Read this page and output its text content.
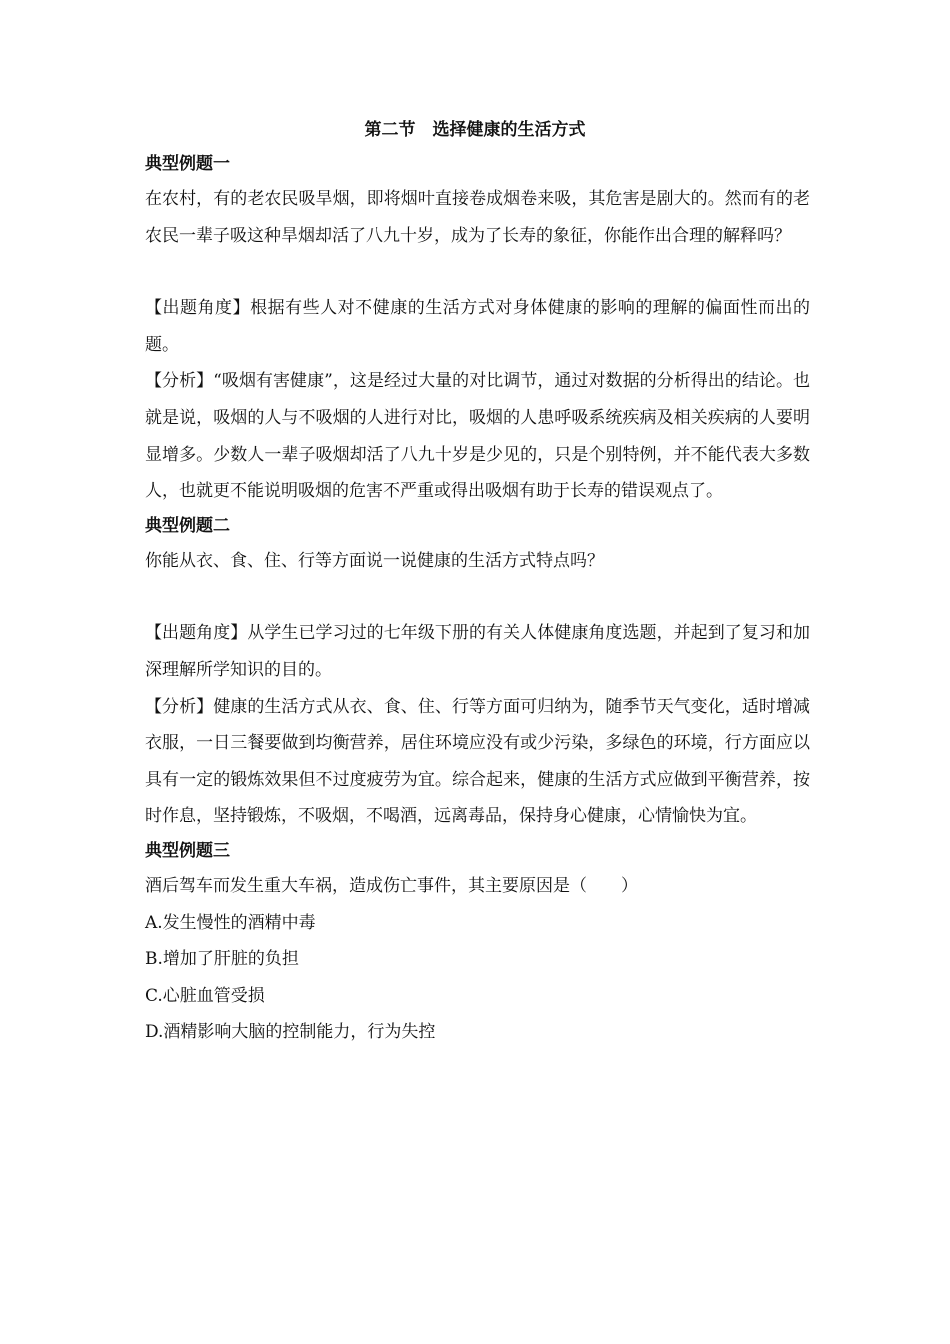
第二节　选择健康的生活方式
典型例题一

在农村，有的老农民吸旱烟，即将烟叶直接卷成烟卷来吸，其危害是剧大的。然而有的老农民一辈子吸这种旱烟却活了八九十岁，成为了长寿的象征，你能作出合理的解释吗？

【出题角度】根据有些人对不健康的生活方式对身体健康的影响的理解的偏面性而出的题。

【分析】“吸烟有害健康”，这是经过大量的对比调节，通过对数据的分析得出的结论。也就是说，吸烟的人与不吸烟的人进行对比，吸烟的人患呼吸系统疾病及相关疾病的人要明显增多。少数人一辈子吸烟却活了八九十岁是少见的，只是个别特例，并不能代表大多数人，也就更不能说明吸烟的危害不严重或得出吸烟有助于长寿的错误观点了。

典型例题二

你能从衣、食、住、行等方面说一说健康的生活方式特点吗？

【出题角度】从学生已学习过的七年级下册的有关人体健康角度选题，并起到了复习和加深理解所学知识的目的。

【分析】健康的生活方式从衣、食、住、行等方面可归纳为，随季节天气变化，适时增减衣服，一日三餐要做到均衡营养，居住环境应没有或少污染，多绿色的环境，行方面应以具有一定的锻炼效果但不过度疲劳为宜。综合起来，健康的生活方式应做到平衡营养，按时作息，坚持锻炼，不吸烟，不喝酒，远离毒品，保持身心健康，心情愉快为宜。

典型例题三

酒后驾车而发生重大车祸，造成伤亡事件，其主要原因是（　　）

A.发生慢性的酒精中毒
B.增加了肝脏的负担
C.心脏血管受损
D.酒精影响大脑的控制能力，行为失控
